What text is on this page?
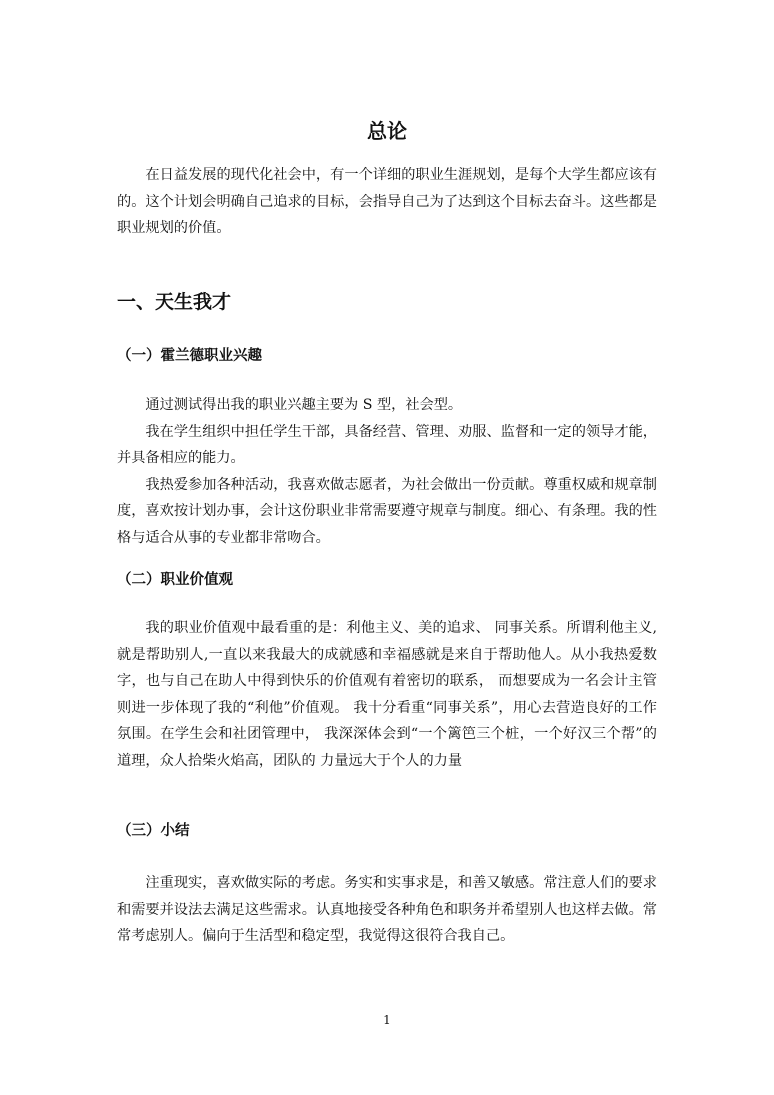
总论

在日益发展的现代化社会中，有一个详细的职业生涯规划，是每个大学生都应该有的。这个计划会明确自己追求的目标，会指导自己为了达到这个目标去奋斗。这些都是职业规划的价值。

一、天生我才
（一）霍兰德职业兴趣

通过测试得出我的职业兴趣主要为 S 型，社会型。

我在学生组织中担任学生干部，具备经营、管理、劝服、监督和一定的领导才能，并具备相应的能力。

我热爱参加各种活动，我喜欢做志愿者，为社会做出一份贡献。尊重权威和规章制度，喜欢按计划办事，会计这份职业非常需要遵守规章与制度。细心、有条理。我的性格与适合从事的专业都非常吻合。

（二）职业价值观

我的职业价值观中最看重的是：利他主义、美的追求、 同事关系。所谓利他主义,就是帮助别人,一直以来我最大的成就感和幸福感就是来自于帮助他人。从小我热爱数字，也与自己在助人中得到快乐的价值观有着密切的联系， 而想要成为一名会计主管则进一步体现了我的“利他”价值观。 我十分看重“同事关系”，用心去营造良好的工作氛围。在学生会和社团管理中， 我深深体会到“一个篱笆三个桩，一个好汉三个帮”的道理，众人拾柴火焰高，团队的 力量远大于个人的力量

（三）小结

注重现实，喜欢做实际的考虑。务实和实事求是，和善又敏感。常注意人们的要求和需要并设法去满足这些需求。认真地接受各种角色和职务并希望别人也这样去做。常常考虑别人。偏向于生活型和稳定型，我觉得这很符合我自己。

1
